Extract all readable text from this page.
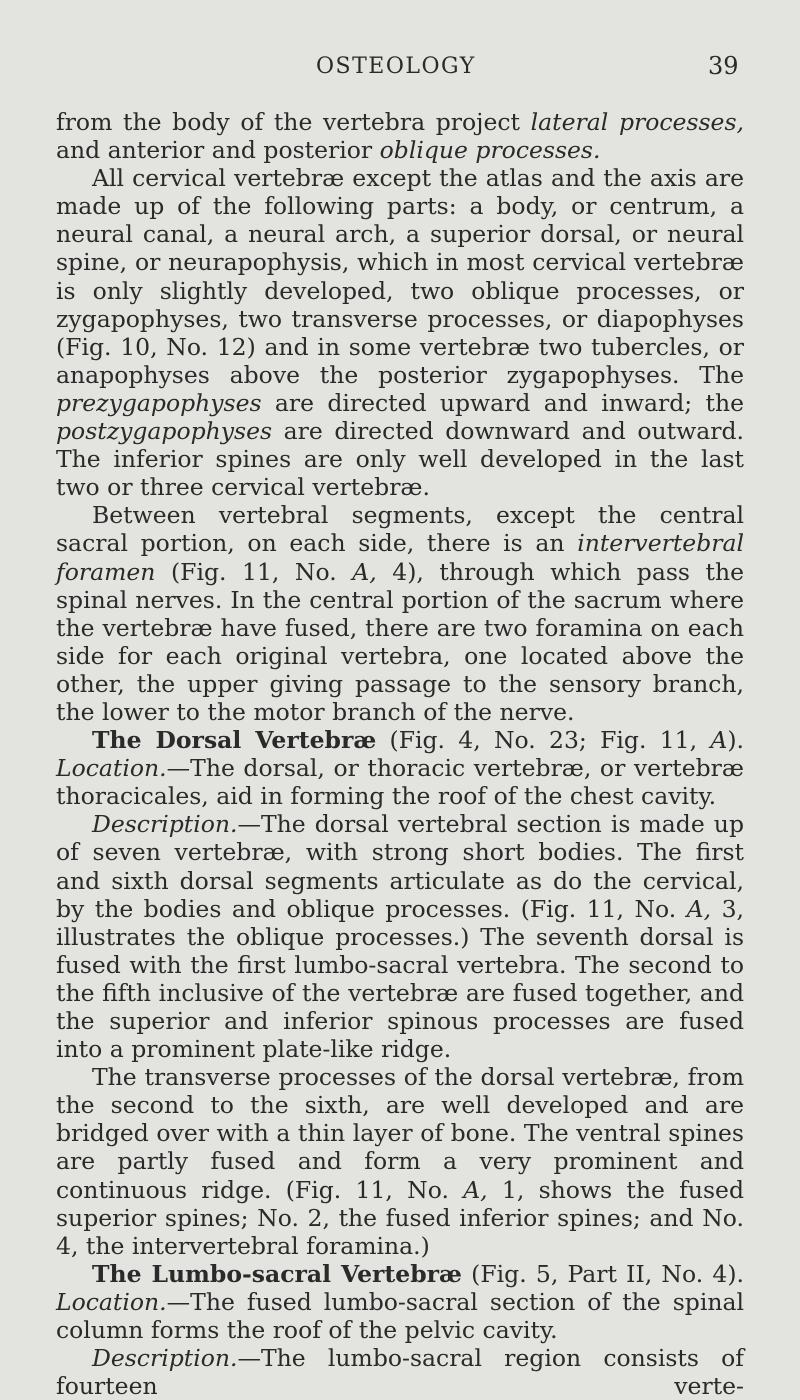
OSTEOLOGY	39

from the body of the vertebra project lateral processes, and anterior and posterior oblique processes.

All cervical vertebræ except the atlas and the axis are made up of the following parts: a body, or centrum, a neural canal, a neural arch, a superior dorsal, or neural spine, or neurapophysis, which in most cervical vertebræ is only slightly developed, two oblique processes, or zygapophyses, two transverse processes, or diapophyses (Fig. 10, No. 12) and in some vertebræ two tubercles, or anapophyses above the posterior zygapophyses. The prezygapophyses are directed upward and inward; the postzygapophyses are directed downward and outward. The inferior spines are only well developed in the last two or three cervical vertebræ.

Between vertebral segments, except the central sacral portion, on each side, there is an intervertebral foramen (Fig. 11, No. A, 4), through which pass the spinal nerves. In the central portion of the sacrum where the vertebræ have fused, there are two foramina on each side for each original vertebra, one located above the other, the upper giving passage to the sensory branch, the lower to the motor branch of the nerve.

The Dorsal Vertebræ (Fig. 4, No. 23; Fig. 11, A). Location.—The dorsal, or thoracic vertebræ, or vertebræ thoracicales, aid in forming the roof of the chest cavity.

Description.—The dorsal vertebral section is made up of seven vertebræ, with strong short bodies. The first and sixth dorsal segments articulate as do the cervical, by the bodies and oblique processes. (Fig. 11, No. A, 3, illustrates the oblique processes.) The seventh dorsal is fused with the first lumbo-sacral vertebra. The second to the fifth inclusive of the vertebræ are fused together, and the superior and inferior spinous processes are fused into a prominent plate-like ridge.

The transverse processes of the dorsal vertebræ, from the second to the sixth, are well developed and are bridged over with a thin layer of bone. The ventral spines are partly fused and form a very prominent and continuous ridge. (Fig. 11, No. A, 1, shows the fused superior spines; No. 2, the fused inferior spines; and No. 4, the intervertebral foramina.)

The Lumbo-sacral Vertebræ (Fig. 5, Part II, No. 4). Location.—The fused lumbo-sacral section of the spinal column forms the roof of the pelvic cavity.

Description.—The lumbo-sacral region consists of fourteen verte-
